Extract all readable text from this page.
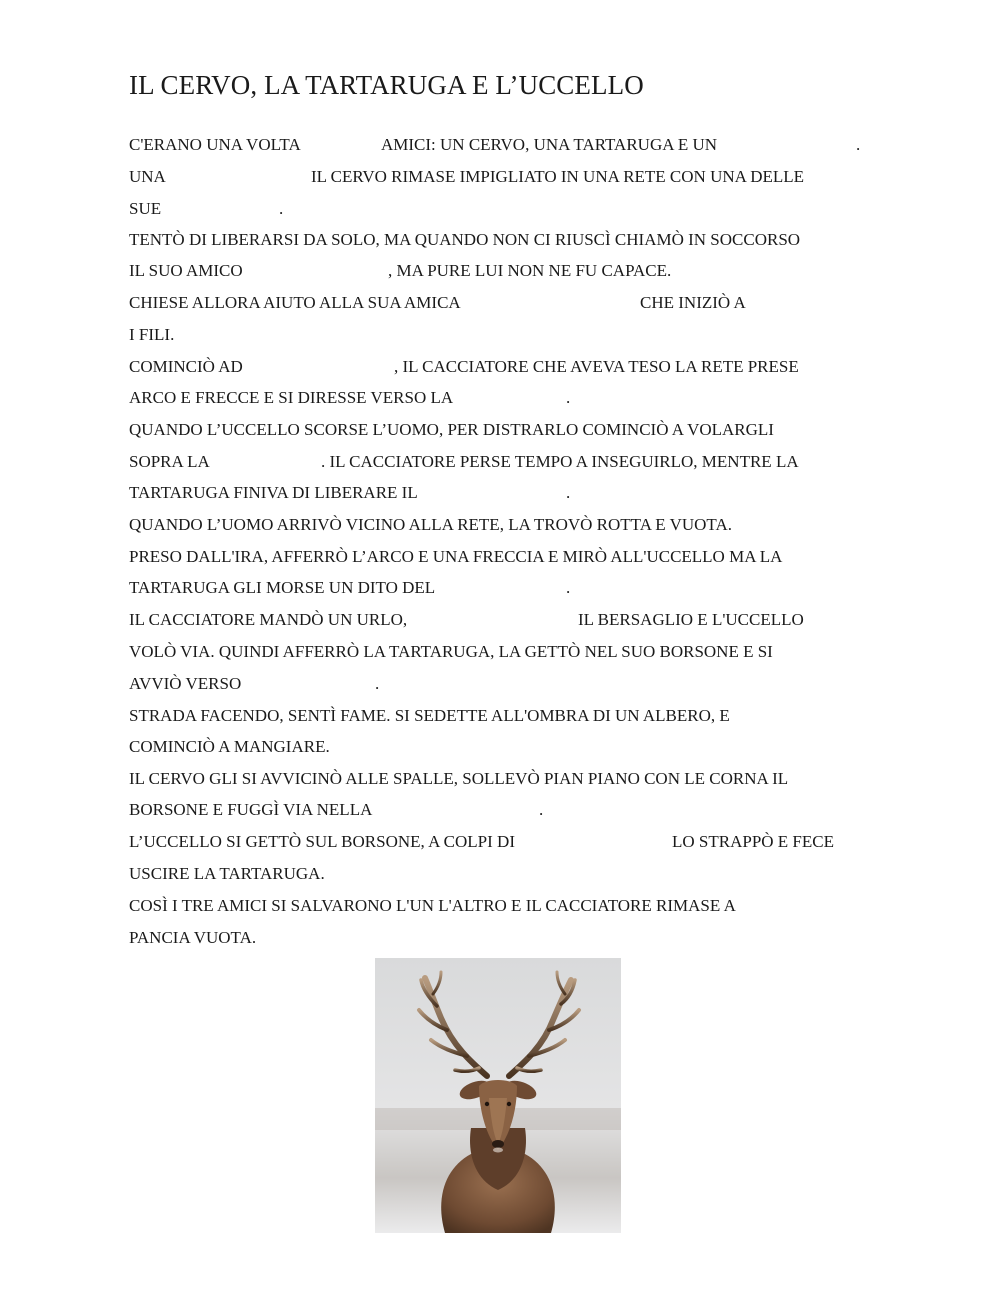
IL CERVO, LA TARTARUGA E L’UCCELLO
C'ERANO UNA VOLTA	AMICI: UN CERVO, UNA TARTARUGA E UN	.
UNA	IL CERVO RIMASE IMPIGLIATO IN UNA RETE CON UNA DELLE
SUE	.
TENTÒ DI LIBERARSI DA SOLO, MA QUANDO NON CI RIUSCÌ CHIAMÒ IN SOCCORSO
IL SUO AMICO	, MA PURE LUI NON NE FU CAPACE.
CHIESE ALLORA AIUTO ALLA SUA AMICA	CHE INIZIÒ A
I FILI.
COMINCIÒ AD	, IL CACCIATORE CHE AVEVA TESO LA RETE PRESE
ARCO E FRECCE E SI DIRESSE VERSO LA	.
QUANDO L’UCCELLO SCORSE L’UOMO, PER DISTRARLO COMINCIÒ A VOLARGLI
SOPRA LA	. IL CACCIATORE PERSE TEMPO A INSEGUIRLO, MENTRE LA
TARTARUGA FINIVA DI LIBERARE IL	.
QUANDO L’UOMO ARRIVÒ VICINO ALLA RETE, LA TROVÒ ROTTA E VUOTA.
PRESO DALL'IRA, AFFERRÒ L’ARCO E UNA FRECCIA E MIRÒ ALL'UCCELLO MA LA
TARTARUGA GLI MORSE UN DITO DEL	.
IL CACCIATORE MANDÒ UN URLO,	IL BERSAGLIO E L'UCCELLO
VOLÒ VIA. QUINDI AFFERRÒ LA TARTARUGA, LA GETTÒ NEL SUO BORSONE E SI
AVVIÒ VERSO	.
STRADA FACENDO, SENTÌ FAME. SI SEDETTE ALL'OMBRA DI UN ALBERO, E
COMINCIÒ A MANGIARE.
IL CERVO GLI SI AVVICINÒ ALLE SPALLE, SOLLEVÒ PIAN PIANO CON LE CORNA IL
BORSONE E FUGGÌ VIA NELLA	.
L’UCCELLO SI GETTÒ SUL BORSONE, A COLPI DI	LO STRAPPÒ E FECE
USCIRE LA TARTARUGA.
COSÌ I TRE AMICI SI SALVARONO L'UN L'ALTRO E IL CACCIATORE RIMASE A
PANCIA VUOTA.
